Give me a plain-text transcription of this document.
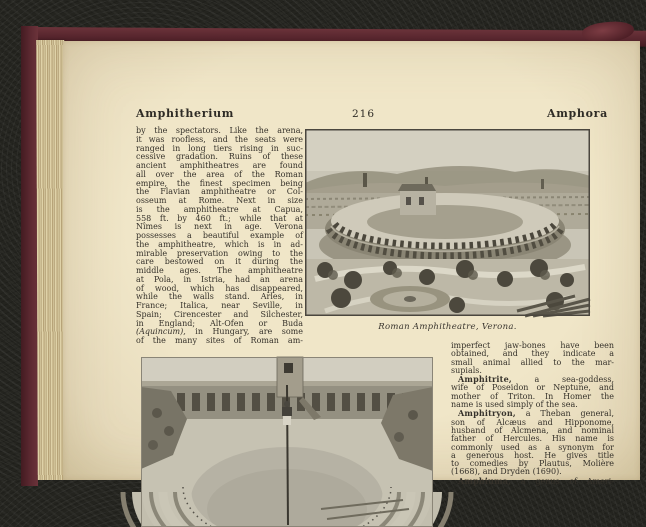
Amphitherium	216	Amphora
by the spectators. Like the arena,
it was roofless, and the seats were
ranged in long tiers rising in suc-
cessive gradation. Ruins of these
ancient amphitheatres are found
all over the area of the Roman
empire, the finest specimen being
the Flavian amphitheatre or Col-
osseum at Rome. Next in size
is the amphitheatre at Capua,
558 ft. by 460 ft.; while that at
Nîmes is next in age. Verona
possesses a beautiful example of
the amphitheatre, which is in ad-
mirable preservation owing to the
care bestowed on it during the
middle ages. The amphitheatre
at Pola, in Istria, had an arena
of wood, which has disappeared,
while the walls stand. Arles, in
France; Italica, near Seville, in
Spain; Cirencester and Silchester,
in England; Alt-Ofen or Buda
(Aquincum), in Hungary, are some
of the many sites of Roman am-
Roman Amphitheatre, Verona.
imperfect jaw-bones have been
obtained, and they indicate a
small animal allied to the mar-
supials.
Amphitrite, a sea-goddess,
wife of Poseidon or Neptune, and
mother of Triton. In Homer the
name is used simply of the sea.
Amphitryon, a Theban general,
son of Alcæus and Hipponome,
husband of Alcmena, and nominal
father of Hercules. His name is
commonly used as a synonym for
a generous host. He gives title
to comedies by Plautus, Molière
(1668), and Dryden (1690).
Amphiuma, a genus of Ameri-
